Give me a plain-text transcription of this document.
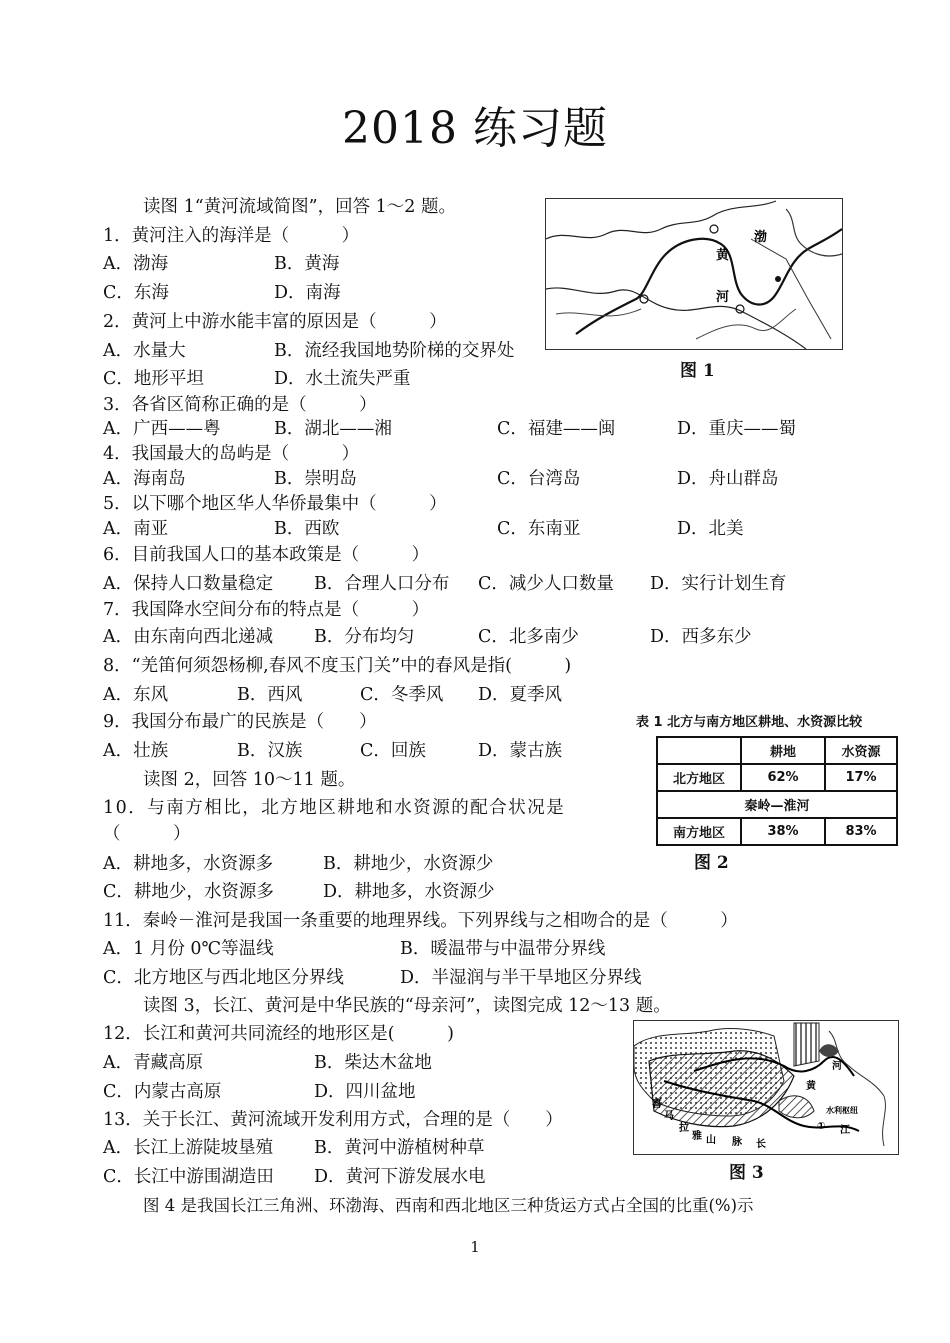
2018 练习题
读图 1“黄河流域简图”，回答 1～2 题。
黄
河
渤
图 1
1．黄河注入的海洋是（　　　）
A．渤海	B．黄海
C．东海	D．南海
2．黄河上中游水能丰富的原因是（　　　）
A．水量大	B．流经我国地势阶梯的交界处
C．地形平坦	D．水土流失严重
3．各省区简称正确的是（　　　）
A．广西——粤	B．湖北——湘	C．福建——闽	D．重庆——蜀
4．我国最大的岛屿是（　　　）
A．海南岛	B．崇明岛	C．台湾岛	D．舟山群岛
5．以下哪个地区华人华侨最集中（　　　）
A．南亚	B．西欧	C．东南亚	D．北美
6．目前我国人口的基本政策是（　　　）
A．保持人口数量稳定 B．合理人口分布 C．减少人口数量 D．实行计划生育
7．我国降水空间分布的特点是（　　　）
A．由东南向西北递减 B．分布均匀	C．北多南少	D．西多东少
8．“羌笛何须怨杨柳,春风不度玉门关”中的春风是指(　　　)
A．东风	B．西风	C．冬季风 D．夏季风
9．我国分布最广的民族是（　　）
A．壮族	B．汉族	C．回族	D．蒙古族
表 1 北方与南方地区耕地、水资源比较
	耕地	水资源
北方地区	62%	17%
秦岭—淮河		
南方地区	38%	83%
图 2
读图 2，回答 10～11 题。
10．与南方相比，北方地区耕地和水资源的配合状况是
（　　　）
A．耕地多，水资源多	B．耕地少，水资源少
C．耕地少，水资源多	D．耕地多，水资源少
11．秦岭－淮河是我国一条重要的地理界线。下列界线与之相吻合的是（　　　）
A．1 月份 0℃等温线	B．暖温带与中温带分界线
C．北方地区与西北地区分界线	D．半湿润与半干旱地区分界线
读图 3，长江、黄河是中华民族的“母亲河”，读图完成 12～13 题。
喜
马
拉
雅 山 脉 长
江
黄
河
水利枢纽
①
图 3
12．长江和黄河共同流经的地形区是(　　　)
A．青藏高原	B．柴达木盆地
C．内蒙古高原	D．四川盆地
13．关于长江、黄河流域开发利用方式，合理的是（　　）
A．长江上游陡坡垦殖 B．黄河中游植树种草
C．长江中游围湖造田 D．黄河下游发展水电
图 4 是我国长江三角洲、环渤海、西南和西北地区三种货运方式占全国的比重(%)示
1
